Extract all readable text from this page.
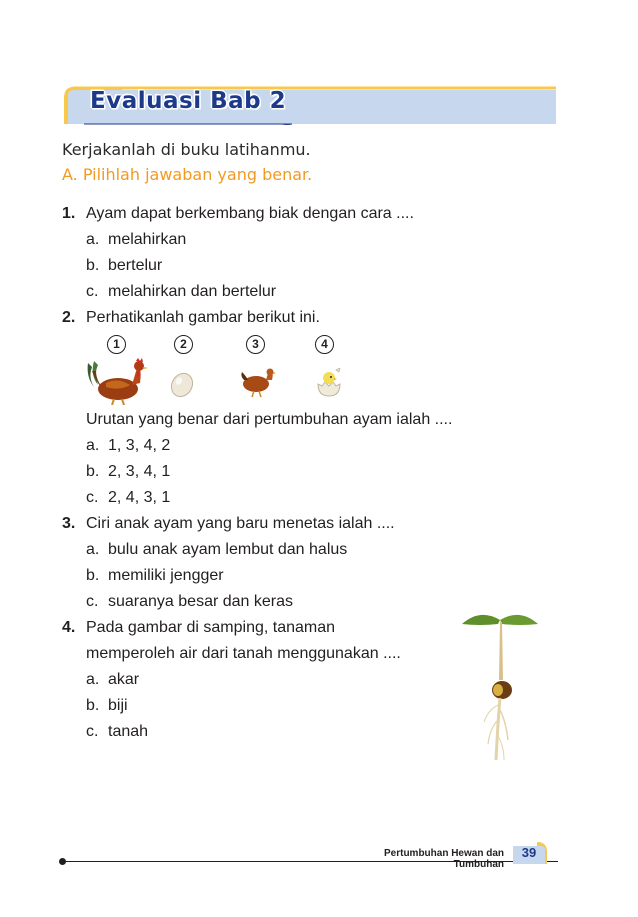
Evaluasi Bab 2
Kerjakanlah di buku latihanmu.
A. Pilihlah jawaban yang benar.
1. Ayam dapat berkembang biak dengan cara ....
a. melahirkan
b. bertelur
c. melahirkan dan bertelur
2. Perhatikanlah gambar berikut ini.
1	2	3	4
Urutan yang benar dari pertumbuhan ayam ialah ....
a. 1, 3, 4, 2
b. 2, 3, 4, 1
c. 2, 4, 3, 1
3. Ciri anak ayam yang baru menetas ialah ....
a. bulu anak ayam lembut dan halus
b. memiliki jengger
c. suaranya besar dan keras
4. Pada gambar di samping, tanaman
memperoleh air dari tanah menggunakan ....
a. akar
b. biji
c. tanah
Pertumbuhan Hewan dan Tumbuhan
39
